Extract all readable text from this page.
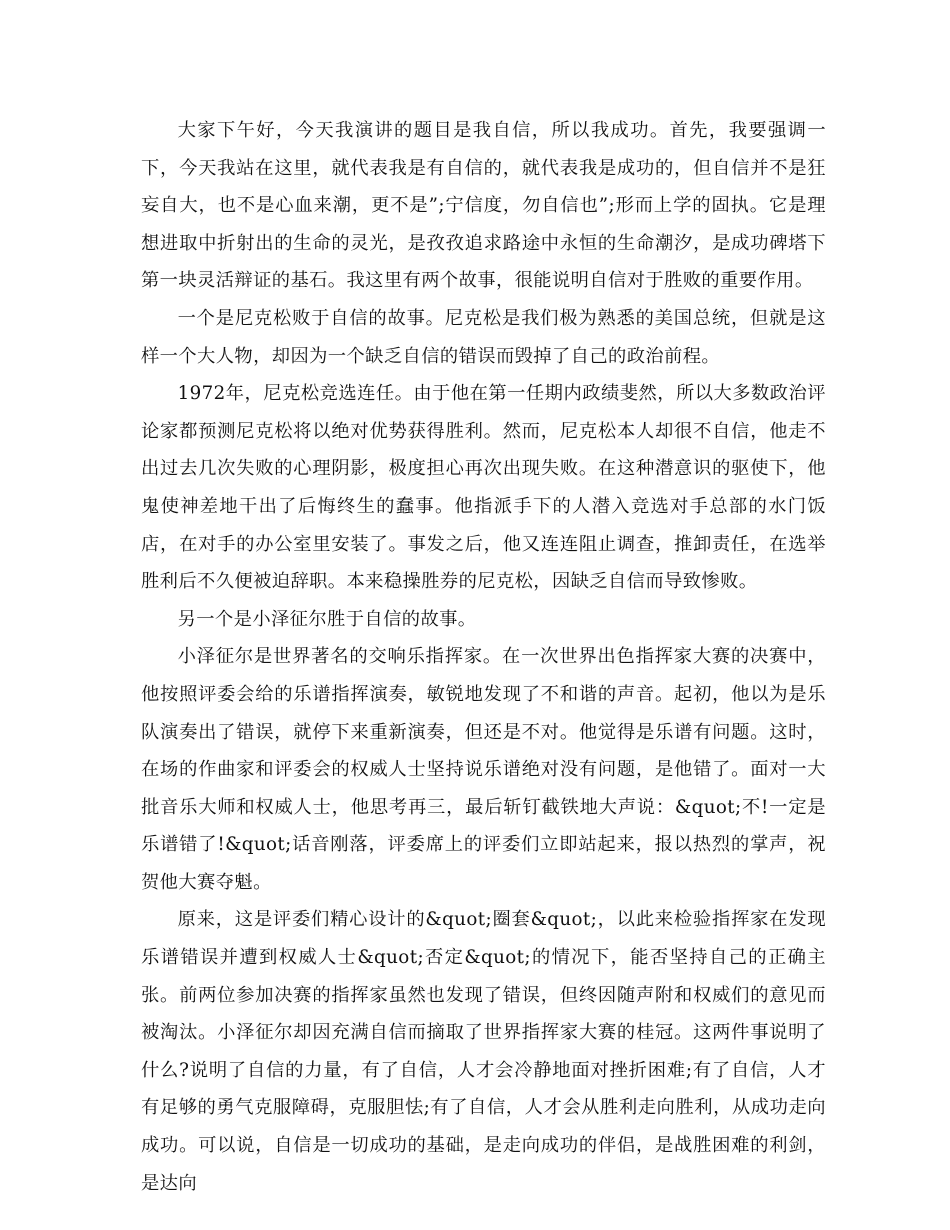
大家下午好，今天我演讲的题目是我自信，所以我成功。首先，我要强调一下，今天我站在这里，就代表我是有自信的，就代表我是成功的，但自信并不是狂妄自大，也不是心血来潮，更不是”;宁信度，勿自信也”;形而上学的固执。它是理想进取中折射出的生命的灵光，是孜孜追求路途中永恒的生命潮汐，是成功碑塔下第一块灵活辩证的基石。我这里有两个故事，很能说明自信对于胜败的重要作用。

一个是尼克松败于自信的故事。尼克松是我们极为熟悉的美国总统，但就是这样一个大人物，却因为一个缺乏自信的错误而毁掉了自己的政治前程。

1972年，尼克松竞选连任。由于他在第一任期内政绩斐然，所以大多数政治评论家都预测尼克松将以绝对优势获得胜利。然而，尼克松本人却很不自信，他走不出过去几次失败的心理阴影，极度担心再次出现失败。在这种潜意识的驱使下，他鬼使神差地干出了后悔终生的蠢事。他指派手下的人潜入竞选对手总部的水门饭店，在对手的办公室里安装了。事发之后，他又连连阻止调查，推卸责任，在选举胜利后不久便被迫辞职。本来稳操胜券的尼克松，因缺乏自信而导致惨败。

另一个是小泽征尔胜于自信的故事。

小泽征尔是世界著名的交响乐指挥家。在一次世界出色指挥家大赛的决赛中，他按照评委会给的乐谱指挥演奏，敏锐地发现了不和谐的声音。起初，他以为是乐队演奏出了错误，就停下来重新演奏，但还是不对。他觉得是乐谱有问题。这时，在场的作曲家和评委会的权威人士坚持说乐谱绝对没有问题，是他错了。面对一大批音乐大师和权威人士，他思考再三，最后斩钉截铁地大声说：&quot;不!一定是乐谱错了!&quot;话音刚落，评委席上的评委们立即站起来，报以热烈的掌声，祝贺他大赛夺魁。

原来，这是评委们精心设计的&quot;圈套&quot;，以此来检验指挥家在发现乐谱错误并遭到权威人士&quot;否定&quot;的情况下，能否坚持自己的正确主张。前两位参加决赛的指挥家虽然也发现了错误，但终因随声附和权威们的意见而被淘汰。小泽征尔却因充满自信而摘取了世界指挥家大赛的桂冠。这两件事说明了什么?说明了自信的力量，有了自信，人才会冷静地面对挫折困难;有了自信，人才有足够的勇气克服障碍，克服胆怯;有了自信，人才会从胜利走向胜利，从成功走向成功。可以说，自信是一切成功的基础，是走向成功的伴侣，是战胜困难的利剑，是达向
